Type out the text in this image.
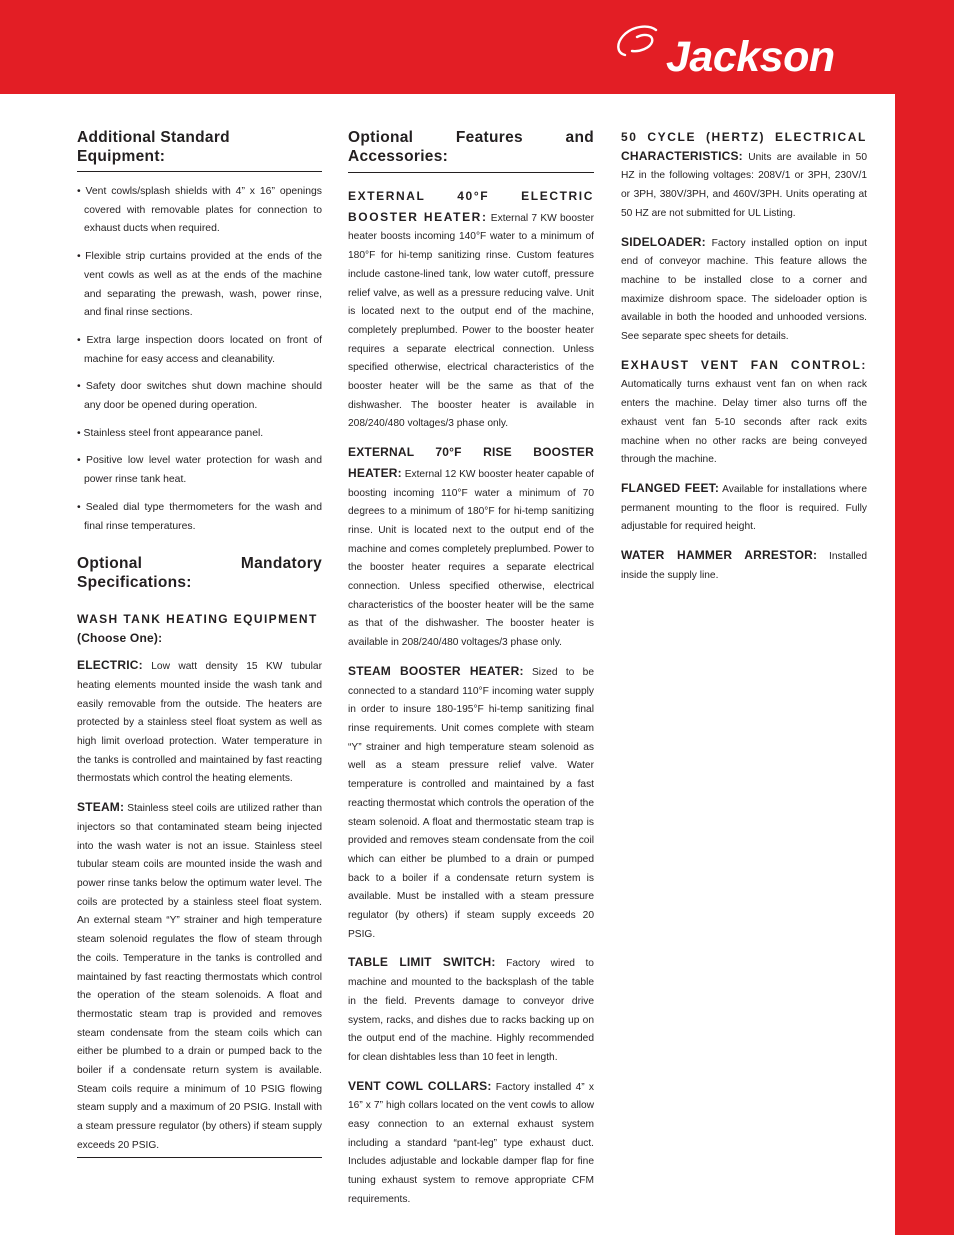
Jackson
Additional Standard Equipment:
• Vent cowls/splash shields with 4” x 16” openings covered with removable plates for connection to exhaust ducts when required.
• Flexible strip curtains provided at the ends of the vent cowls as well as at the ends of the machine and separating the prewash, wash, power rinse, and final rinse sections.
• Extra large inspection doors located on front of machine for easy access and cleanability.
• Safety door switches shut down machine should any door be opened during operation.
• Stainless steel front appearance panel.
• Positive low level water protection for wash and power rinse tank heat.
• Sealed dial type thermometers for the wash and final rinse temperatures.
Optional Mandatory Specifications:
WASH TANK HEATING EQUIPMENT
(Choose One):

ELECTRIC: Low watt density 15 KW tubular heating elements mounted inside the wash tank and easily removable from the outside. The heaters are protected by a stainless steel float system as well as high limit overload protection. Water temperature in the tanks is controlled and maintained by fast reacting thermostats which control the heating elements.

STEAM: Stainless steel coils are utilized rather than injectors so that contaminated steam being injected into the wash water is not an issue. Stainless steel tubular steam coils are mounted inside the wash and power rinse tanks below the optimum water level. The coils are protected by a stainless steel float system. An external steam “Y” strainer and high temperature steam solenoid regulates the flow of steam through the coils. Temperature in the tanks is controlled and maintained by fast reacting thermostats which control the operation of the steam solenoids. A float and thermostatic steam trap is provided and removes steam condensate from the steam coils which can either be plumbed to a drain or pumped back to the boiler if a condensate return system is available. Steam coils require a minimum of 10 PSIG flowing steam supply and a maximum of 20 PSIG. Install with a steam pressure regulator (by others) if steam supply exceeds 20 PSIG.

Optional Features and Accessories:

EXTERNAL 40°F ELECTRIC BOOSTER HEATER: External 7 KW booster heater boosts incoming 140°F water to a minimum of 180°F for hi-temp sanitizing rinse. Custom features include castone-lined tank, low water cutoff, pressure relief valve, as well as a pressure reducing valve. Unit is located next to the output end of the machine, completely preplumbed. Power to the booster heater requires a separate electrical connection. Unless specified otherwise, electrical characteristics of the booster heater will be the same as that of the dishwasher. The booster heater is available in 208/240/480 voltages/3 phase only.

EXTERNAL 70°F RISE BOOSTER HEATER: External 12 KW booster heater capable of boosting incoming 110°F water a minimum of 70 degrees to a minimum of 180°F for hi-temp sanitizing rinse. Unit is located next to the output end of the machine and comes completely preplumbed. Power to the booster heater requires a separate electrical connection. Unless specified otherwise, electrical characteristics of the booster heater will be the same as that of the dishwasher. The booster heater is available in 208/240/480 voltages/3 phase only.

STEAM BOOSTER HEATER: Sized to be connected to a standard 110°F incoming water supply in order to insure 180-195°F hi-temp sanitizing final rinse requirements. Unit comes complete with steam “Y” strainer and high temperature steam solenoid as well as a steam pressure relief valve. Water temperature is controlled and maintained by a fast reacting thermostat which controls the operation of the steam solenoid. A float and thermostatic steam trap is provided and removes steam condensate from the coil which can either be plumbed to a drain or pumped back to a boiler if a condensate return system is available. Must be installed with a steam pressure regulator (by others) if steam supply exceeds 20 PSIG.

TABLE LIMIT SWITCH: Factory wired to machine and mounted to the backsplash of the table in the field. Prevents damage to conveyor drive system, racks, and dishes due to racks backing up on the output end of the machine. Highly recommended for clean dishtables less than 10 feet in length.

VENT COWL COLLARS: Factory installed 4” x 16” x 7” high collars located on the vent cowls to allow easy connection to an external exhaust system including a standard “pant-leg” type exhaust duct. Includes adjustable and lockable damper flap for fine tuning exhaust system to remove appropriate CFM requirements.

50 CYCLE (HERTZ) ELECTRICAL
CHARACTERISTICS: Units are available in 50 HZ in the following voltages: 208V/1 or 3PH, 230V/1 or 3PH, 380V/3PH, and 460V/3PH. Units operating at 50 HZ are not submitted for UL Listing.

SIDELOADER: Factory installed option on input end of conveyor machine. This feature allows the machine to be installed close to a corner and maximize dishroom space. The sideloader option is available in both the hooded and unhooded versions. See separate spec sheets for details.

EXHAUST VENT FAN CONTROL: Automatically turns exhaust vent fan on when rack enters the machine. Delay timer also turns off the exhaust vent fan 5-10 seconds after rack exits machine when no other racks are being conveyed through the machine.

FLANGED FEET: Available for installations where permanent mounting to the floor is required. Fully adjustable for required height.

WATER HAMMER ARRESTOR: Installed inside the supply line.
